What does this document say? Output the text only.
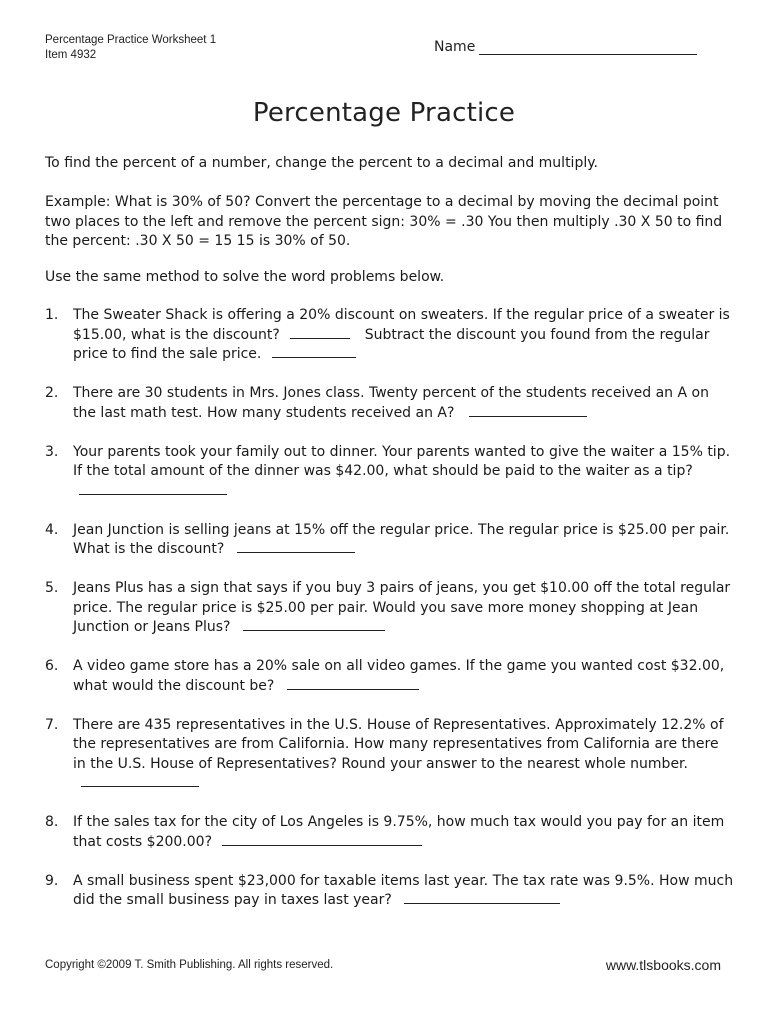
Percentage Practice Worksheet 1
Item 4932	Name
Percentage Practice
To find the percent of a number, change the percent to a decimal and multiply.
Example: What is 30% of 50? Convert the percentage to a decimal by moving the decimal point two places to the left and remove the percent sign: 30% = .30 You then multiply .30 X 50 to find the percent: .30 X 50 = 15 15 is 30% of 50.
Use the same method to solve the word problems below.
1. The Sweater Shack is offering a 20% discount on sweaters. If the regular price of a sweater is $15.00, what is the discount?	Subtract the discount you found from the regular price to find the sale price.
2. There are 30 students in Mrs. Jones class. Twenty percent of the students received an A on the last math test. How many students received an A?
3. Your parents took your family out to dinner. Your parents wanted to give the waiter a 15% tip. If the total amount of the dinner was $42.00, what should be paid to the waiter as a tip?
4. Jean Junction is selling jeans at 15% off the regular price. The regular price is $25.00 per pair. What is the discount?
5. Jeans Plus has a sign that says if you buy 3 pairs of jeans, you get $10.00 off the total regular price. The regular price is $25.00 per pair. Would you save more money shopping at Jean Junction or Jeans Plus?
6. A video game store has a 20% sale on all video games. If the game you wanted cost $32.00, what would the discount be?
7. There are 435 representatives in the U.S. House of Representatives. Approximately 12.2% of the representatives are from California. How many representatives from California are there in the U.S. House of Representatives? Round your answer to the nearest whole number.
8. If the sales tax for the city of Los Angeles is 9.75%, how much tax would you pay for an item that costs $200.00?
9. A small business spent $23,000 for taxable items last year. The tax rate was 9.5%. How much did the small business pay in taxes last year?
Copyright ©2009 T. Smith Publishing. All rights reserved.	www.tlsbooks.com
